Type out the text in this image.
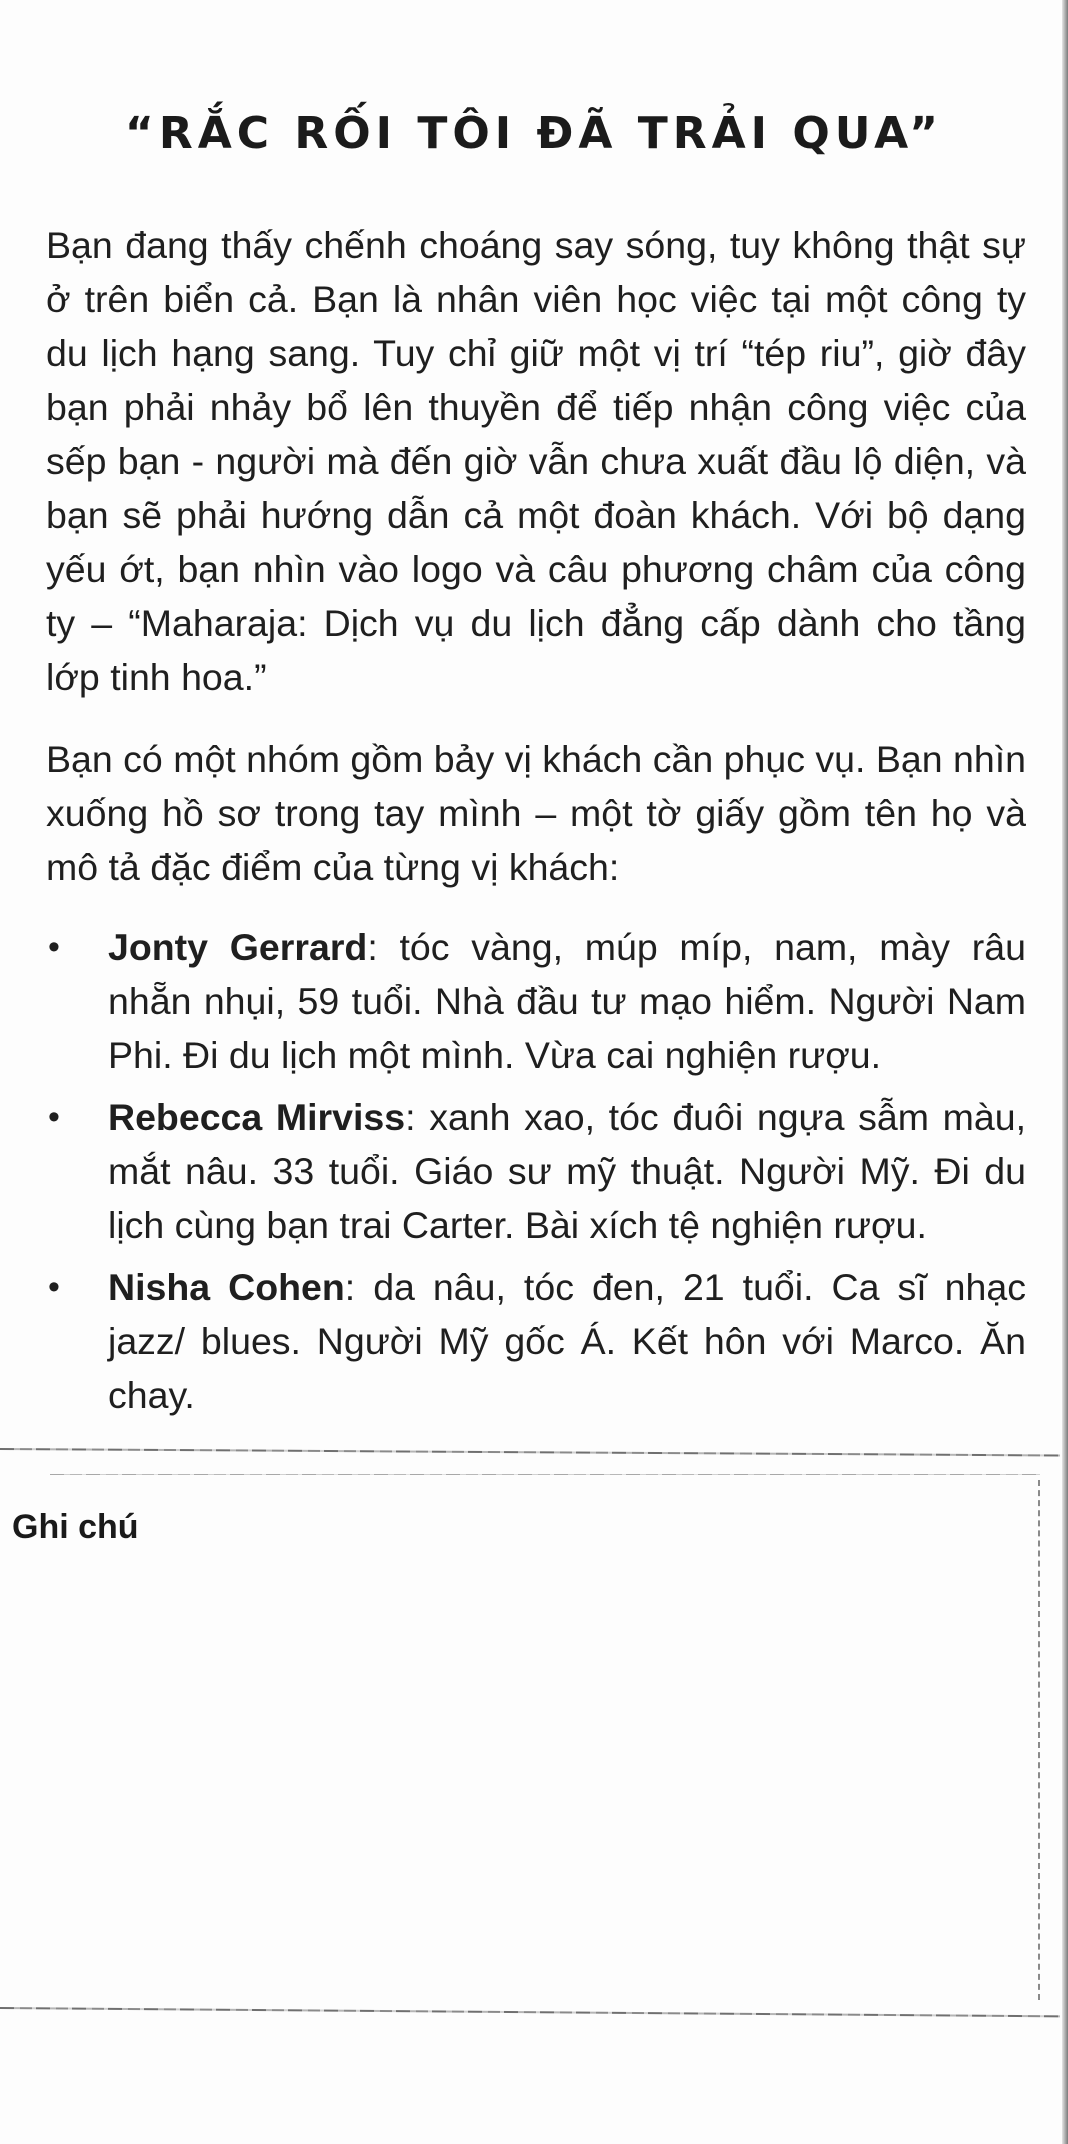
“RẮC RỐI TÔI ĐÃ TRẢI QUA”

Bạn đang thấy chếnh choáng say sóng, tuy không thật sự ở trên biển cả. Bạn là nhân viên học việc tại một công ty du lịch hạng sang. Tuy chỉ giữ một vị trí “tép riu”, giờ đây bạn phải nhảy bổ lên thuyền để tiếp nhận công việc của sếp bạn - người mà đến giờ vẫn chưa xuất đầu lộ diện, và bạn sẽ phải hướng dẫn cả một đoàn khách. Với bộ dạng yếu ớt, bạn nhìn vào logo và câu phương châm của công ty – “Maharaja: Dịch vụ du lịch đẳng cấp dành cho tầng lớp tinh hoa.”

Bạn có một nhóm gồm bảy vị khách cần phục vụ. Bạn nhìn xuống hồ sơ trong tay mình – một tờ giấy gồm tên họ và mô tả đặc điểm của từng vị khách:

• Jonty Gerrard: tóc vàng, múp míp, nam, mày râu nhẵn nhụi, 59 tuổi. Nhà đầu tư mạo hiểm. Người Nam Phi. Đi du lịch một mình. Vừa cai nghiện rượu.
• Rebecca Mirviss: xanh xao, tóc đuôi ngựa sẫm màu, mắt nâu. 33 tuổi. Giáo sư mỹ thuật. Người Mỹ. Đi du lịch cùng bạn trai Carter. Bài xích tệ nghiện rượu.
• Nisha Cohen: da nâu, tóc đen, 21 tuổi. Ca sĩ nhạc jazz/ blues. Người Mỹ gốc Á. Kết hôn với Marco. Ăn chay.
Ghi chú
